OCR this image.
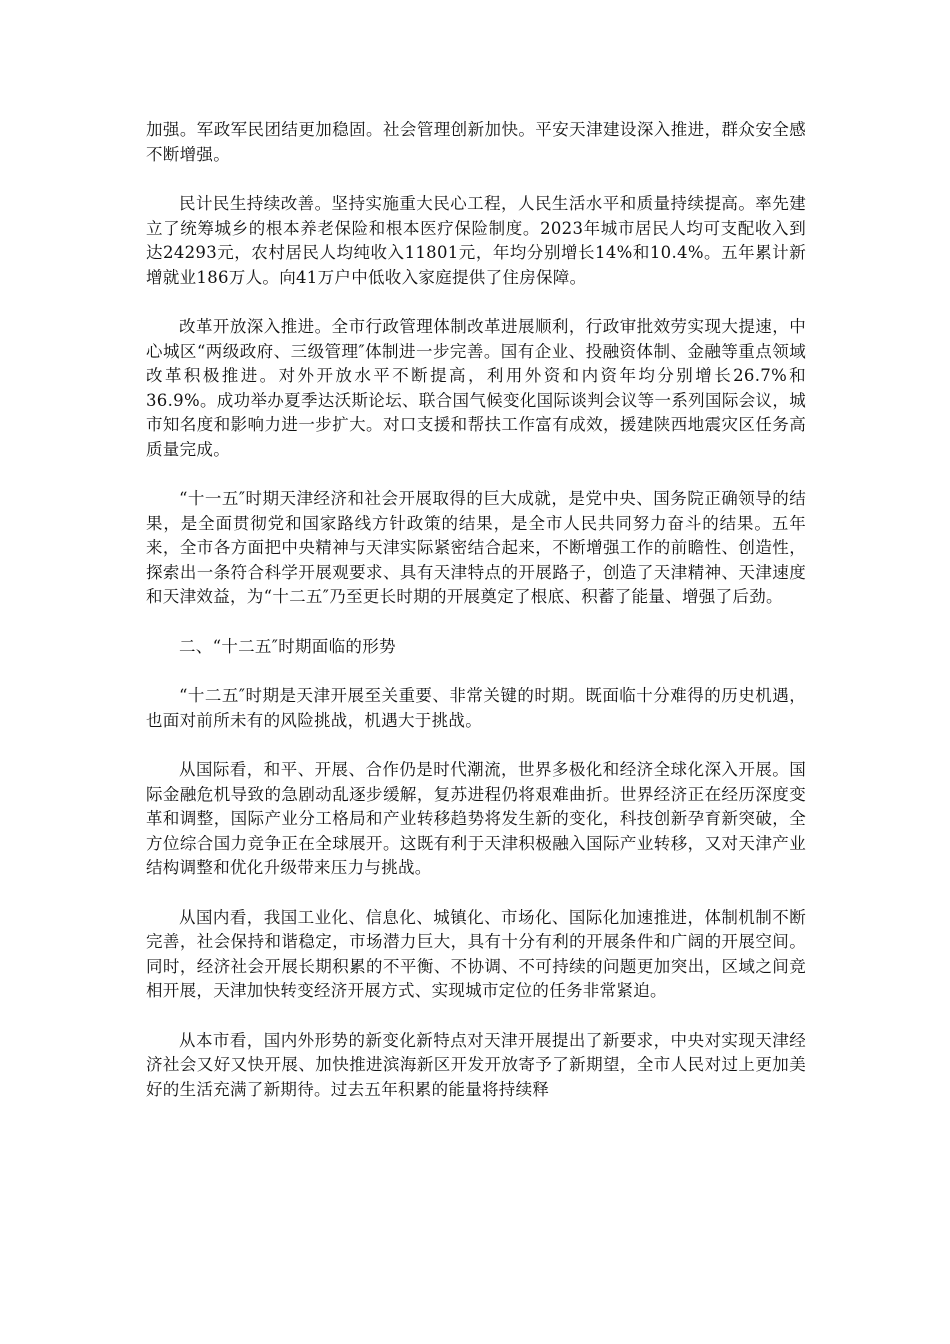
加强。军政军民团结更加稳固。社会管理创新加快。平安天津建设深入推进，群众安全感不断增强。

民计民生持续改善。坚持实施重大民心工程，人民生活水平和质量持续提高。率先建立了统筹城乡的根本养老保险和根本医疗保险制度。2023年城市居民人均可支配收入到达24293元，农村居民人均纯收入11801元，年均分别增长14%和10.4%。五年累计新增就业186万人。向41万户中低收入家庭提供了住房保障。

改革开放深入推进。全市行政管理体制改革进展顺利，行政审批效劳实现大提速，中心城区“两级政府、三级管理″体制进一步完善。国有企业、投融资体制、金融等重点领域改革积极推进。对外开放水平不断提高，利用外资和内资年均分别增长26.7%和36.9%。成功举办夏季达沃斯论坛、联合国气候变化国际谈判会议等一系列国际会议，城市知名度和影响力进一步扩大。对口支援和帮扶工作富有成效，援建陕西地震灾区任务高质量完成。

“十一五″时期天津经济和社会开展取得的巨大成就，是党中央、国务院正确领导的结果，是全面贯彻党和国家路线方针政策的结果，是全市人民共同努力奋斗的结果。五年来，全市各方面把中央精神与天津实际紧密结合起来，不断增强工作的前瞻性、创造性，探索出一条符合科学开展观要求、具有天津特点的开展路子，创造了天津精神、天津速度和天津效益，为“十二五″乃至更长时期的开展奠定了根底、积蓄了能量、增强了后劲。

二、“十二五″时期面临的形势

“十二五″时期是天津开展至关重要、非常关键的时期。既面临十分难得的历史机遇，也面对前所未有的风险挑战，机遇大于挑战。

从国际看，和平、开展、合作仍是时代潮流，世界多极化和经济全球化深入开展。国际金融危机导致的急剧动乱逐步缓解，复苏进程仍将艰难曲折。世界经济正在经历深度变革和调整，国际产业分工格局和产业转移趋势将发生新的变化，科技创新孕育新突破，全方位综合国力竞争正在全球展开。这既有利于天津积极融入国际产业转移，又对天津产业结构调整和优化升级带来压力与挑战。

从国内看，我国工业化、信息化、城镇化、市场化、国际化加速推进，体制机制不断完善，社会保持和谐稳定，市场潜力巨大，具有十分有利的开展条件和广阔的开展空间。同时，经济社会开展长期积累的不平衡、不协调、不可持续的问题更加突出，区域之间竞相开展，天津加快转变经济开展方式、实现城市定位的任务非常紧迫。

从本市看，国内外形势的新变化新特点对天津开展提出了新要求，中央对实现天津经济社会又好又快开展、加快推进滨海新区开发开放寄予了新期望，全市人民对过上更加美好的生活充满了新期待。过去五年积累的能量将持续释
